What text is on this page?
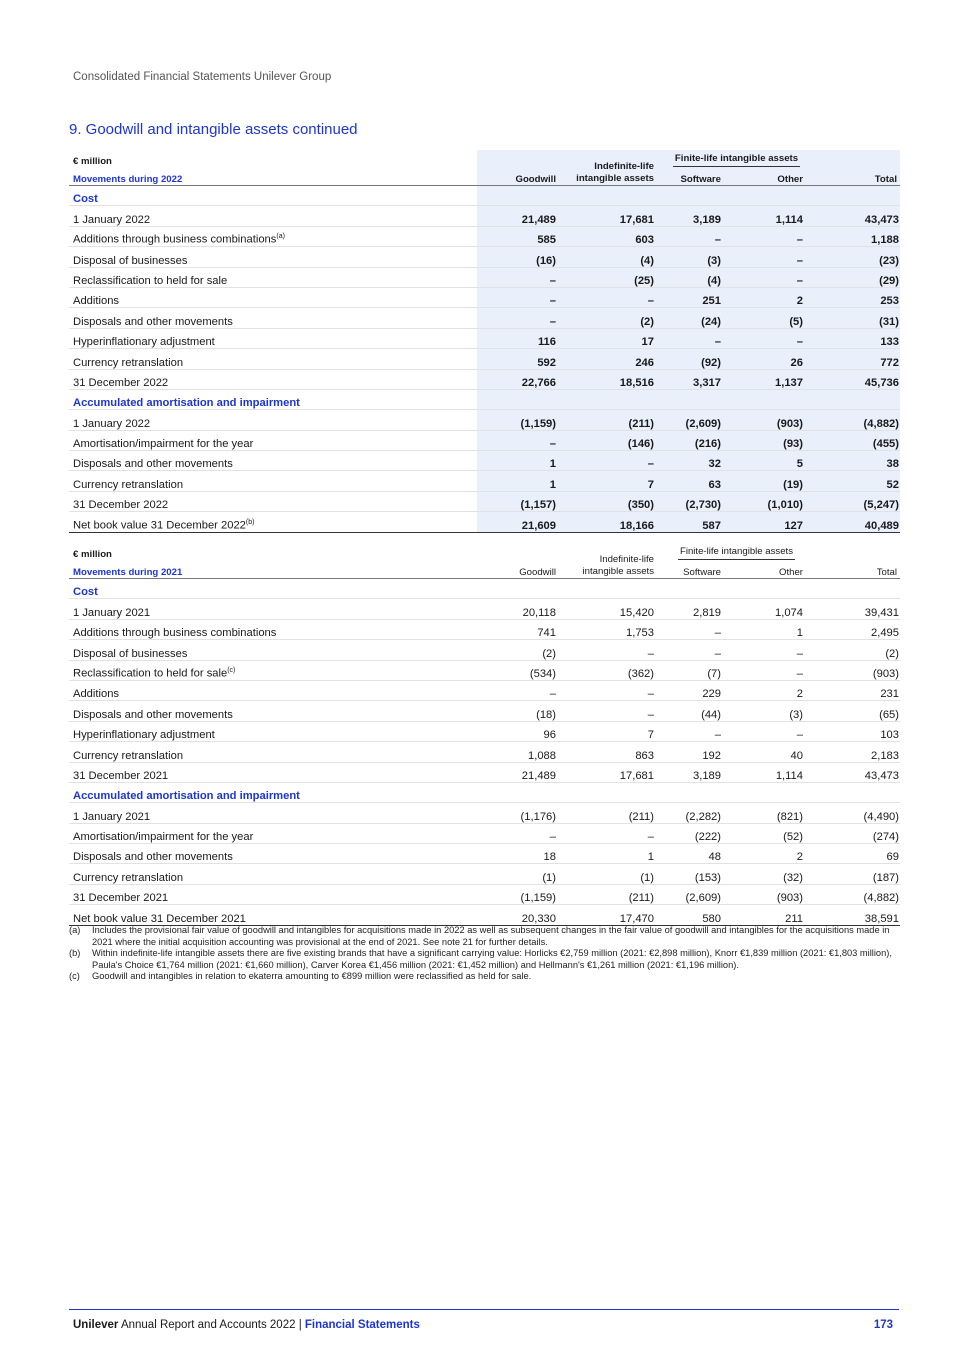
Consolidated Financial Statements Unilever Group
9. Goodwill and intangible assets continued
€ million		Indefinite-life
intangible assets	Finite-life intangible assets		
Movements during 2022	Goodwill		Software	Other	Total
Cost					
1 January 2022	21,489	17,681	3,189	1,114	43,473
Additions through business combinations$^{(a)}$	585	603	–	–	1,188
Disposal of businesses	(16)	(4)	(3)	–	(23)
Reclassification to held for sale	–	(25)	(4)	–	(29)
Additions	–	–	251	2	253
Disposals and other movements	–	(2)	(24)	(5)	(31)
Hyperinflationary adjustment	116	17	–	–	133
Currency retranslation	592	246	(92)	26	772
31 December 2022	22,766	18,516	3,317	1,137	45,736
Accumulated amortisation and impairment					
1 January 2022	(1,159)	(211)	(2,609)	(903)	(4,882)
Amortisation/impairment for the year	–	(146)	(216)	(93)	(455)
Disposals and other movements	1	–	32	5	38
Currency retranslation	1	7	63	(19)	52
31 December 2022	(1,157)	(350)	(2,730)	(1,010)	(5,247)
Net book value 31 December 2022$^{(b)}$	21,609	18,166	587	127	40,489
€ million		Indefinite-life
intangible assets	Finite-life intangible assets		
Movements during 2021	Goodwill		Software	Other	Total
Cost					
1 January 2021	20,118	15,420	2,819	1,074	39,431
Additions through business combinations	741	1,753	–	1	2,495
Disposal of businesses	(2)	–	–	–	(2)
Reclassification to held for sale$^{(c)}$	(534)	(362)	(7)	–	(903)
Additions	–	–	229	2	231
Disposals and other movements	(18)	–	(44)	(3)	(65)
Hyperinflationary adjustment	96	7	–	–	103
Currency retranslation	1,088	863	192	40	2,183
31 December 2021	21,489	17,681	3,189	1,114	43,473
Accumulated amortisation and impairment					
1 January 2021	(1,176)	(211)	(2,282)	(821)	(4,490)
Amortisation/impairment for the year	–	–	(222)	(52)	(274)
Disposals and other movements	18	1	48	2	69
Currency retranslation	(1)	(1)	(153)	(32)	(187)
31 December 2021	(1,159)	(211)	(2,609)	(903)	(4,882)
Net book value 31 December 2021	20,330	17,470	580	211	38,591
(a)	Includes the provisional fair value of goodwill and intangibles for acquisitions made in 2022 as well as subsequent changes in the fair value of goodwill and intangibles for the acquisitions made in 2021 where the initial acquisition accounting was provisional at the end of 2021. See note 21 for further details.
(b)	Within indefinite-life intangible assets there are five existing brands that have a significant carrying value: Horlicks €2,759 million (2021: €2,898 million), Knorr €1,839 million (2021: €1,803 million), Paula's Choice €1,764 million (2021: €1,660 million), Carver Korea €1,456 million (2021: €1,452 million) and Hellmann's €1,261 million (2021: €1,196 million).
(c)	Goodwill and intangibles in relation to ekaterra amounting to €899 million were reclassified as held for sale.
Unilever Annual Report and Accounts 2022 | Financial Statements	173
